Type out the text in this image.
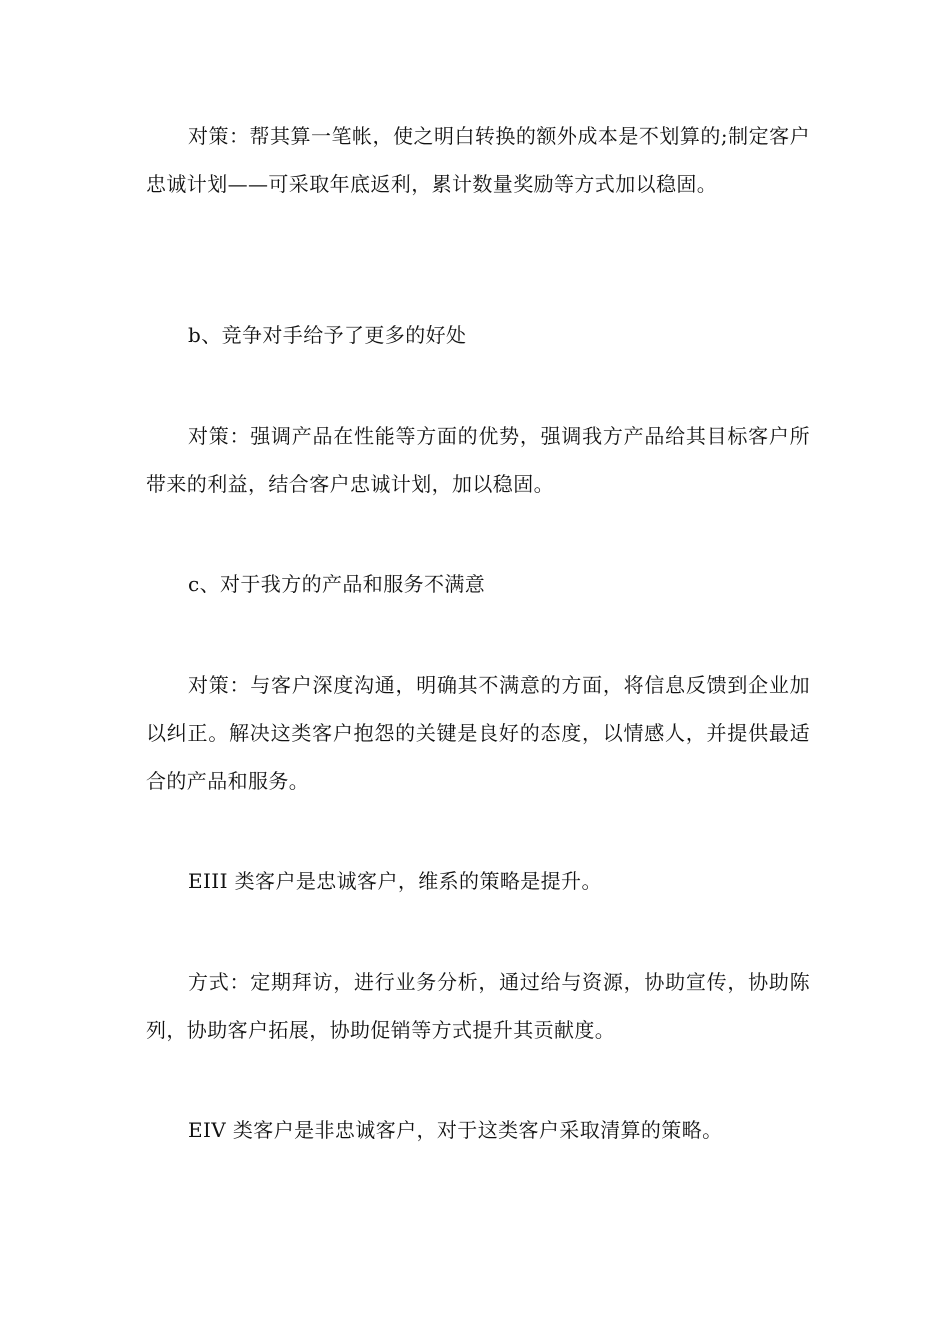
对策：帮其算一笔帐，使之明白转换的额外成本是不划算的;制定客户忠诚计划——可采取年底返利，累计数量奖励等方式加以稳固。

b、竞争对手给予了更多的好处

对策：强调产品在性能等方面的优势，强调我方产品给其目标客户所带来的利益，结合客户忠诚计划，加以稳固。

c、对于我方的产品和服务不满意

对策：与客户深度沟通，明确其不满意的方面，将信息反馈到企业加以纠正。解决这类客户抱怨的关键是良好的态度，以情感人，并提供最适合的产品和服务。

EIII 类客户是忠诚客户，维系的策略是提升。

方式：定期拜访，进行业务分析，通过给与资源，协助宣传，协助陈列，协助客户拓展，协助促销等方式提升其贡献度。

EIV 类客户是非忠诚客户，对于这类客户采取清算的策略。
